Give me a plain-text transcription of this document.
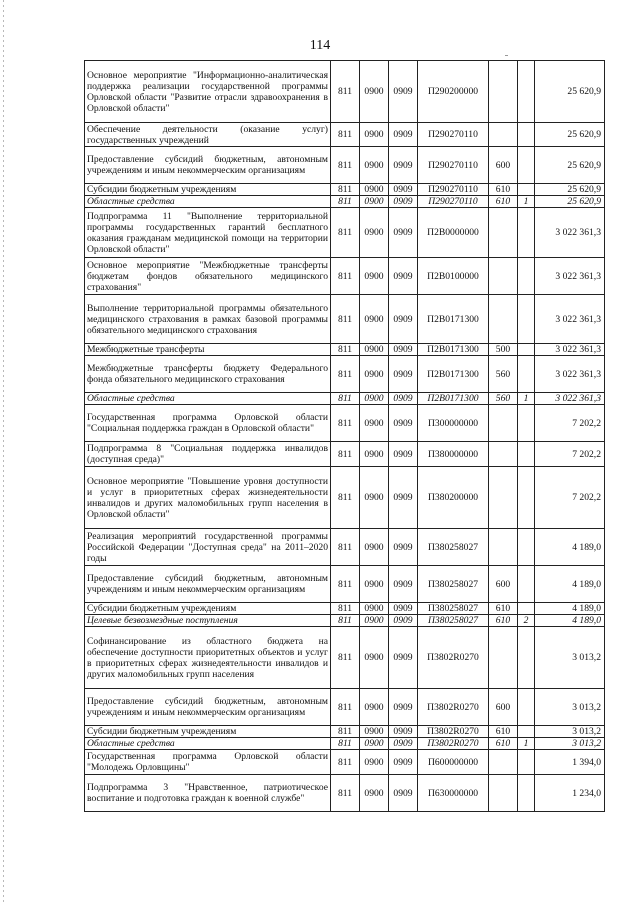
114
Основное мероприятие "Информационно-аналитическая поддержка реализации государственной программы Орловской области "Развитие отрасли здравоохранения в Орловской области"	811	0900	0909	П290200000			25 620,9
Обеспечение деятельности (оказание услуг) государственных учреждений	811	0900	0909	П290270110			25 620,9
Предоставление субсидий бюджетным, автономным учреждениям и иным некоммерческим организациям	811	0900	0909	П290270110	600		25 620,9
Субсидии бюджетным учреждениям	811	0900	0909	П290270110	610		25 620,9
Областные средства	811	0900	0909	П290270110	610	1	25 620,9
Подпрограмма 11 "Выполнение территориальной программы государственных гарантий бесплатного оказания гражданам медицинской помощи на территории Орловской области"	811	0900	0909	П2В0000000			3 022 361,3
Основное мероприятие "Межбюджетные трансферты бюджетам фондов обязательного медицинского страхования"	811	0900	0909	П2В0100000			3 022 361,3
Выполнение территориальной программы обязательного медицинского страхования в рамках базовой программы обязательного медицинского страхования	811	0900	0909	П2В0171300			3 022 361,3
Межбюджетные трансферты	811	0900	0909	П2В0171300	500		3 022 361,3
Межбюджетные трансферты бюджету Федерального фонда обязательного медицинского страхования	811	0900	0909	П2В0171300	560		3 022 361,3
Областные средства	811	0900	0909	П2В0171300	560	1	3 022 361,3
Государственная программа Орловской области "Социальная поддержка граждан в Орловской области"	811	0900	0909	П300000000			7 202,2
Подпрограмма 8 "Социальная поддержка инвалидов (доступная среда)"	811	0900	0909	П380000000			7 202,2
Основное мероприятие "Повышение уровня доступности и услуг в приоритетных сферах жизнедеятельности инвалидов и других маломобильных групп населения в Орловской области"	811	0900	0909	П380200000			7 202,2
Реализация мероприятий государственной программы Российской Федерации "Доступная среда" на 2011–2020 годы	811	0900	0909	П380258027			4 189,0
Предоставление субсидий бюджетным, автономным учреждениям и иным некоммерческим организациям	811	0900	0909	П380258027	600		4 189,0
Субсидии бюджетным учреждениям	811	0900	0909	П380258027	610		4 189,0
Целевые безвозмездные поступления	811	0900	0909	П380258027	610	2	4 189,0
Софинансирование из областного бюджета на обеспечение доступности приоритетных объектов и услуг в приоритетных сферах жизнедеятельности инвалидов и других маломобильных групп населения	811	0900	0909	П3802R0270			3 013,2
Предоставление субсидий бюджетным, автономным учреждениям и иным некоммерческим организациям	811	0900	0909	П3802R0270	600		3 013,2
Субсидии бюджетным учреждениям	811	0900	0909	П3802R0270	610		3 013,2
Областные средства	811	0900	0909	П3802R0270	610	1	3 013,2
Государственная программа Орловской области "Молодежь Орловщины"	811	0900	0909	П600000000			1 394,0
Подпрограмма 3 "Нравственное, патриотическое воспитание и подготовка граждан к военной службе"	811	0900	0909	П630000000			1 234,0
